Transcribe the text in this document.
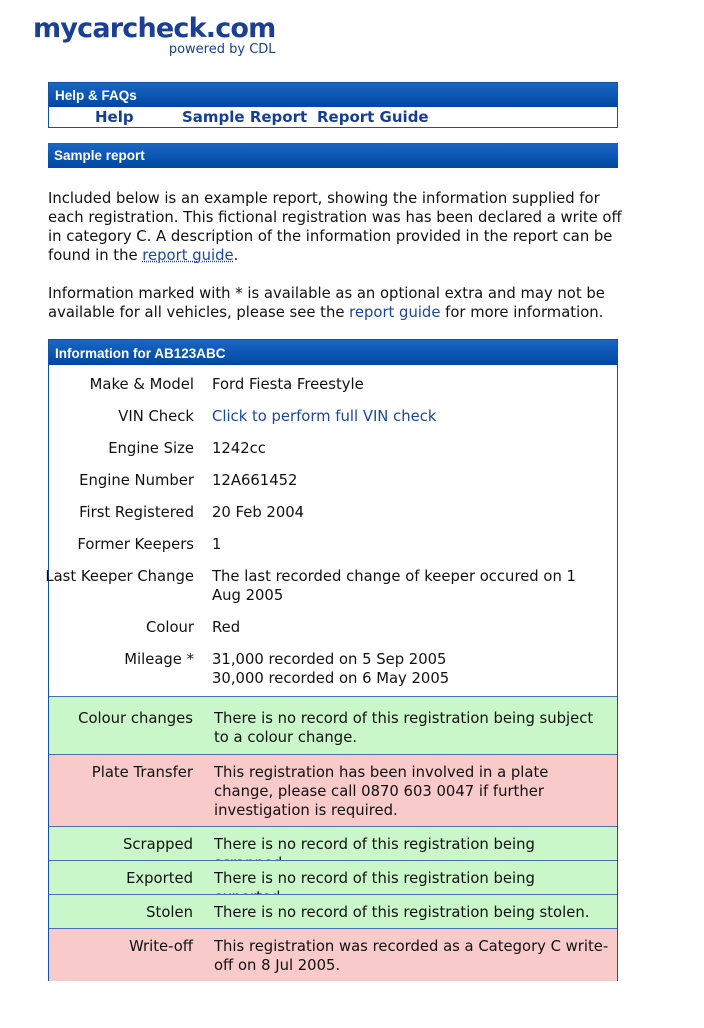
mycarcheck.com
powered by CDL
Help & FAQs
Help	Sample Report Report Guide
Sample report

Included below is an example report, showing the information supplied for each registration. This fictional registration was has been declared a write off in category C. A description of the information provided in the report can be found in the report guide.

Information marked with * is available as an optional extra and may not be available for all vehicles, please see the report guide for more information.

Information for AB123ABC
Make & Model Ford Fiesta Freestyle
VIN Check Click to perform full VIN check
Engine Size 1242cc
Engine Number 12A661452
First Registered 20 Feb 2004
Former Keepers 1
Last Keeper Change The last recorded change of keeper occured on 1 Aug 2005
Colour Red
Mileage * 31,000 recorded on 5 Sep 2005
30,000 recorded on 6 May 2005
Colour changes There is no record of this registration being subject to a colour change.
Plate Transfer This registration has been involved in a plate change, please call 0870 603 0047 if further investigation is required.
Scrapped There is no record of this registration being
Exported There is no record of this registration being
Stolen There is no record of this registration being stolen.
Write-off This registration was recorded as a Category C write-off on 8 Jul 2005.
